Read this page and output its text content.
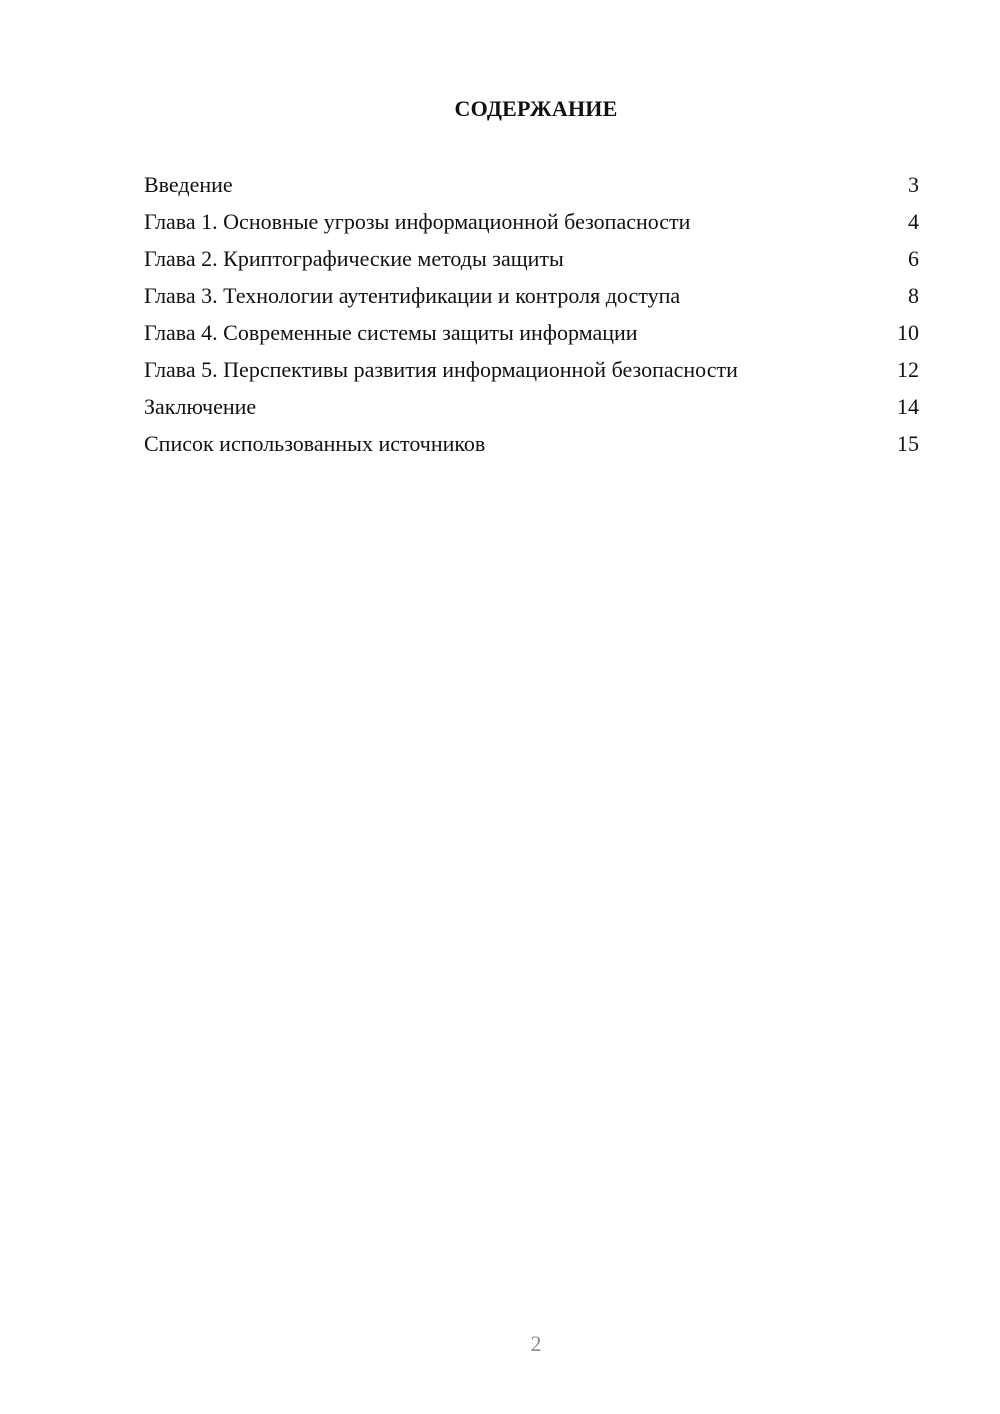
СОДЕРЖАНИЕ
Введение	3
Глава 1. Основные угрозы информационной безопасности	4
Глава 2. Криптографические методы защиты	6
Глава 3. Технологии аутентификации и контроля доступа	8
Глава 4. Современные системы защиты информации	10
Глава 5. Перспективы развития информационной безопасности	12
Заключение	14
Список использованных источников	15
2
